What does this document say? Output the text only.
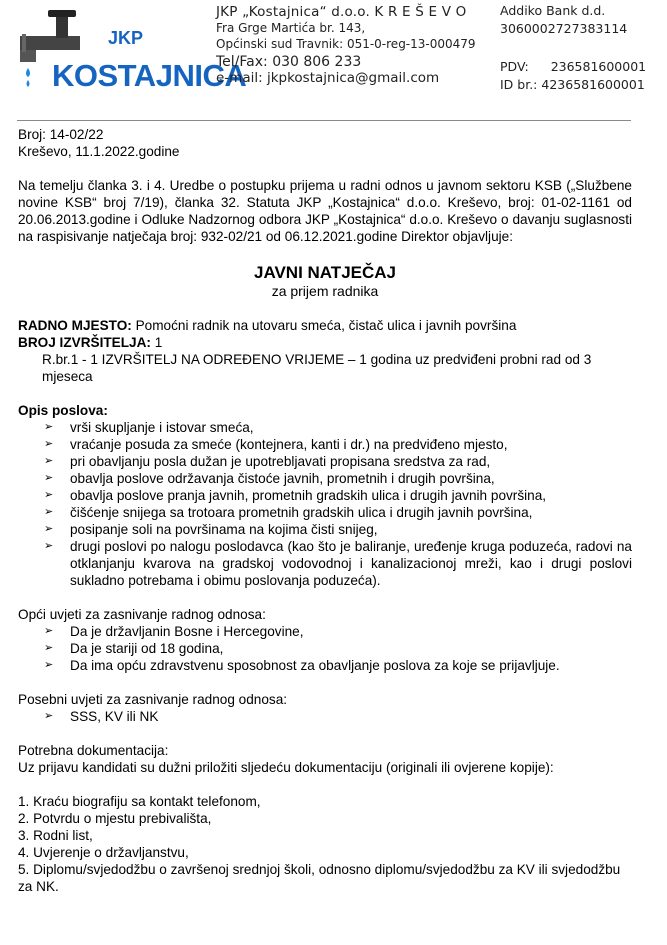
JKP
KOSTAJNICA
JKP „Kostajnica“ d.o.o. K R E Š E V O
Fra Grge Martića br. 143,
Općinski sud Travnik: 051-0-reg-13-000479
Tel/Fax: 030 806 233
e-mail: jkpkostajnica@gmail.com
Addiko Bank d.d.
3060002727383114
PDV: 236581600001
ID br.: 4236581600001

Broj: 14-02/22

Kreševo, 11.1.2022.godine

Na temelju članka 3. i 4. Uredbe o postupku prijema u radni odnos u javnom sektoru KSB („Službene novine KSB“ broj 7/19), članka 32. Statuta JKP „Kostajnica“ d.o.o. Kreševo, broj: 01-02-1161 od 20.06.2013.godine i Odluke Nadzornog odbora JKP „Kostajnica“ d.o.o. Kreševo o davanju suglasnosti na raspisivanje natječaja broj: 932-02/21 od 06.12.2021.godine Direktor objavljuje:

JAVNI NATJEČAJ

za prijem radnika

RADNO MJESTO: Pomoćni radnik na utovaru smeća, čistač ulica i javnih površina

BROJ IZVRŠITELJA: 1

R.br.1 - 1 IZVRŠITELJ NA ODREĐENO VRIJEME – 1 godina uz predviđeni probni rad od 3 mjeseca

Opis poslova:

➢ vrši skupljanje i istovar smeća,
➢ vraćanje posuda za smeće (kontejnera, kanti i dr.) na predviđeno mjesto,
➢ pri obavljanju posla dužan je upotrebljavati propisana sredstva za rad,
➢ obavlja poslove održavanja čistoće javnih, prometnih i drugih površina,
➢ obavlja poslove pranja javnih, prometnih gradskih ulica i drugih javnih površina,
➢ čišćenje snijega sa trotoara prometnih gradskih ulica i drugih javnih površina,
➢ posipanje soli na površinama na kojima čisti snijeg,
➢ drugi poslovi po nalogu poslodavca (kao što je baliranje, uređenje kruga poduzeća, radovi na otklanjanju kvarova na gradskoj vodovodnoj i kanalizacionoj mreži, kao i drugi poslovi sukladno potrebama i obimu poslovanja poduzeća).

Opći uvjeti za zasnivanje radnog odnosa:

➢ Da je državljanin Bosne i Hercegovine,
➢ Da je stariji od 18 godina,
➢ Da ima opću zdravstvenu sposobnost za obavljanje poslova za koje se prijavljuje.

Posebni uvjeti za zasnivanje radnog odnosa:

➢ SSS, KV ili NK

Potrebna dokumentacija:

Uz prijavu kandidati su dužni priložiti sljedeću dokumentaciju (originali ili ovjerene kopije):

1. Kraću biografiju sa kontakt telefonom,

2. Potvrdu o mjestu prebivališta,

3. Rodni list,

4. Uvjerenje o državljanstvu,

5. Diplomu/svjedodžbu o završenoj srednjoj školi, odnosno diplomu/svjedodžbu za KV ili svjedodžbu za NK.
